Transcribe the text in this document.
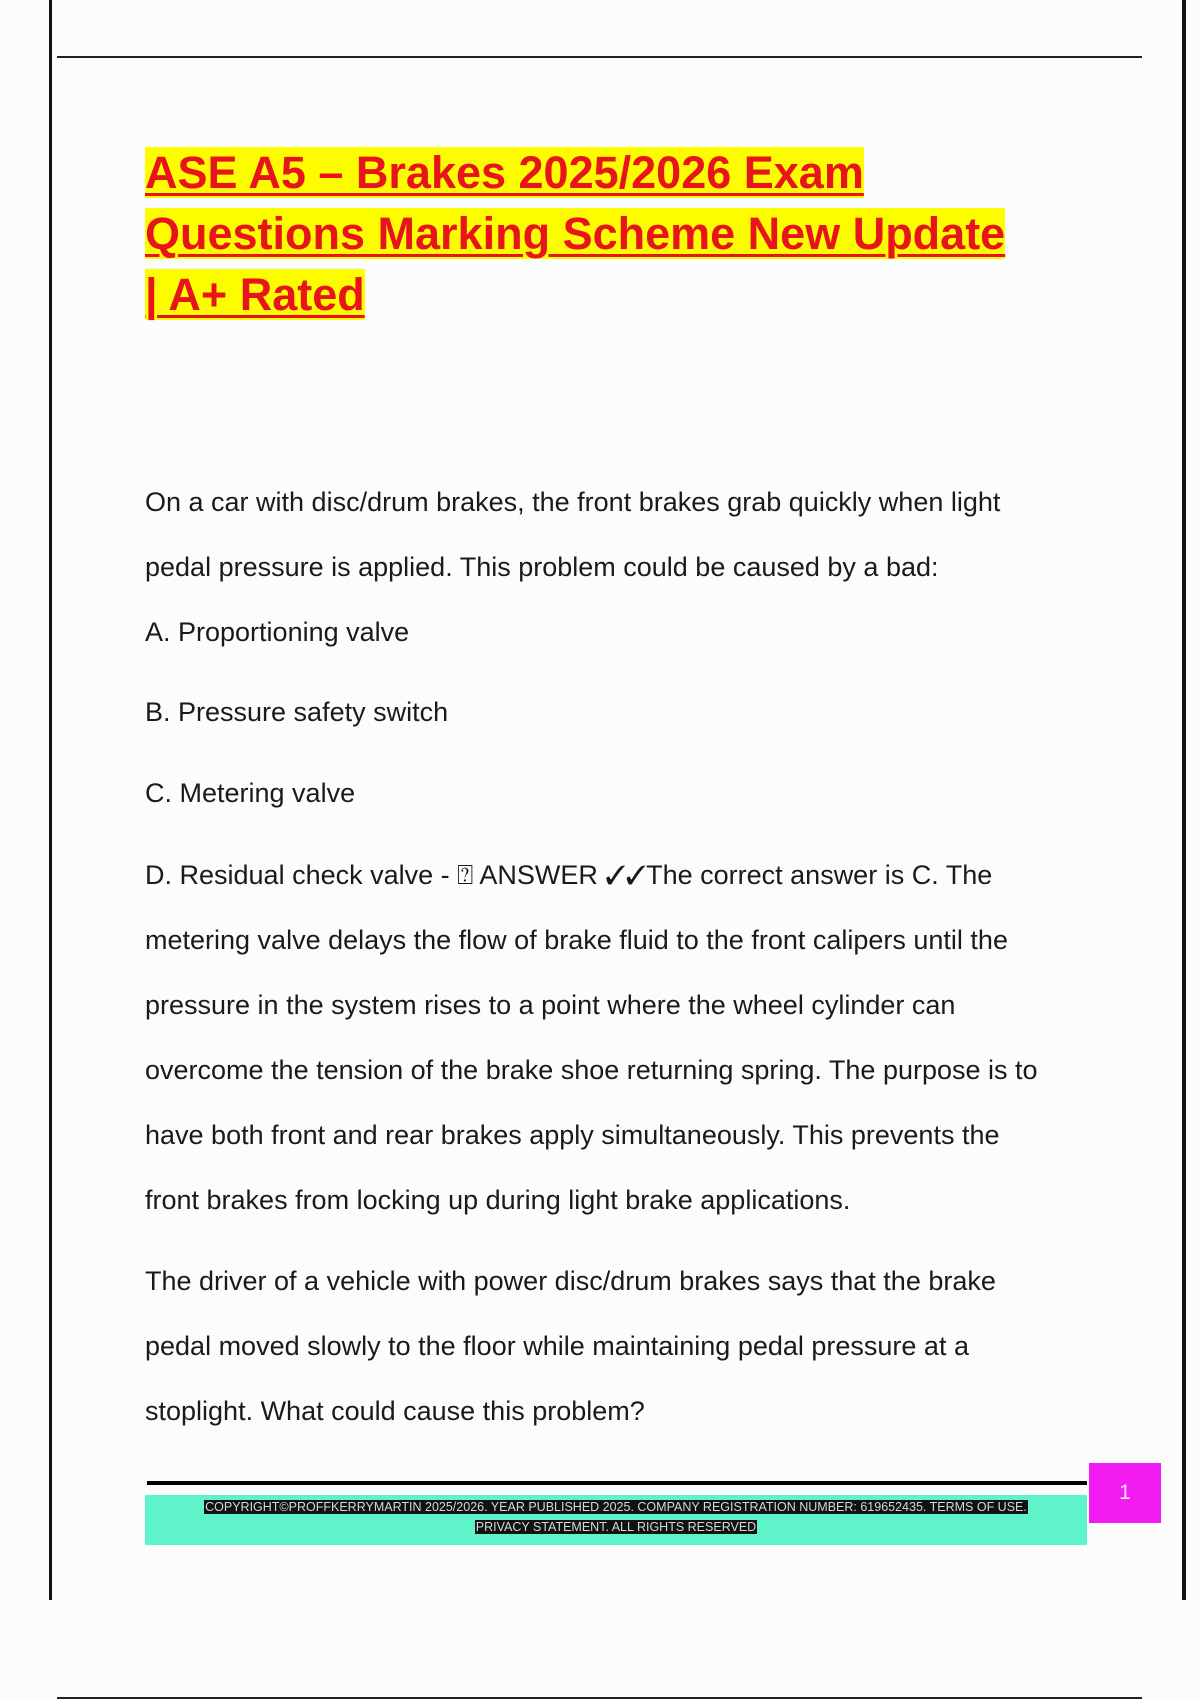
ASE A5 – Brakes 2025/2026 Exam
Questions Marking Scheme New Update
| A+ Rated

On a car with disc/drum brakes, the front brakes grab quickly when light

pedal pressure is applied. This problem could be caused by a bad:

A. Proportioning valve

B. Pressure safety switch

C. Metering valve

D. Residual check valve - ⍰ ANSWER ✓✓The correct answer is C. The

metering valve delays the flow of brake fluid to the front calipers until the

pressure in the system rises to a point where the wheel cylinder can

overcome the tension of the brake shoe returning spring. The purpose is to

have both front and rear brakes apply simultaneously. This prevents the

front brakes from locking up during light brake applications.

The driver of a vehicle with power disc/drum brakes says that the brake

pedal moved slowly to the floor while maintaining pedal pressure at a

stoplight. What could cause this problem?

COPYRIGHT©PROFFKERRYMARTIN 2025/2026. YEAR PUBLISHED 2025. COMPANY REGISTRATION NUMBER: 619652435. TERMS OF USE.
PRIVACY STATEMENT. ALL RIGHTS RESERVED
1
